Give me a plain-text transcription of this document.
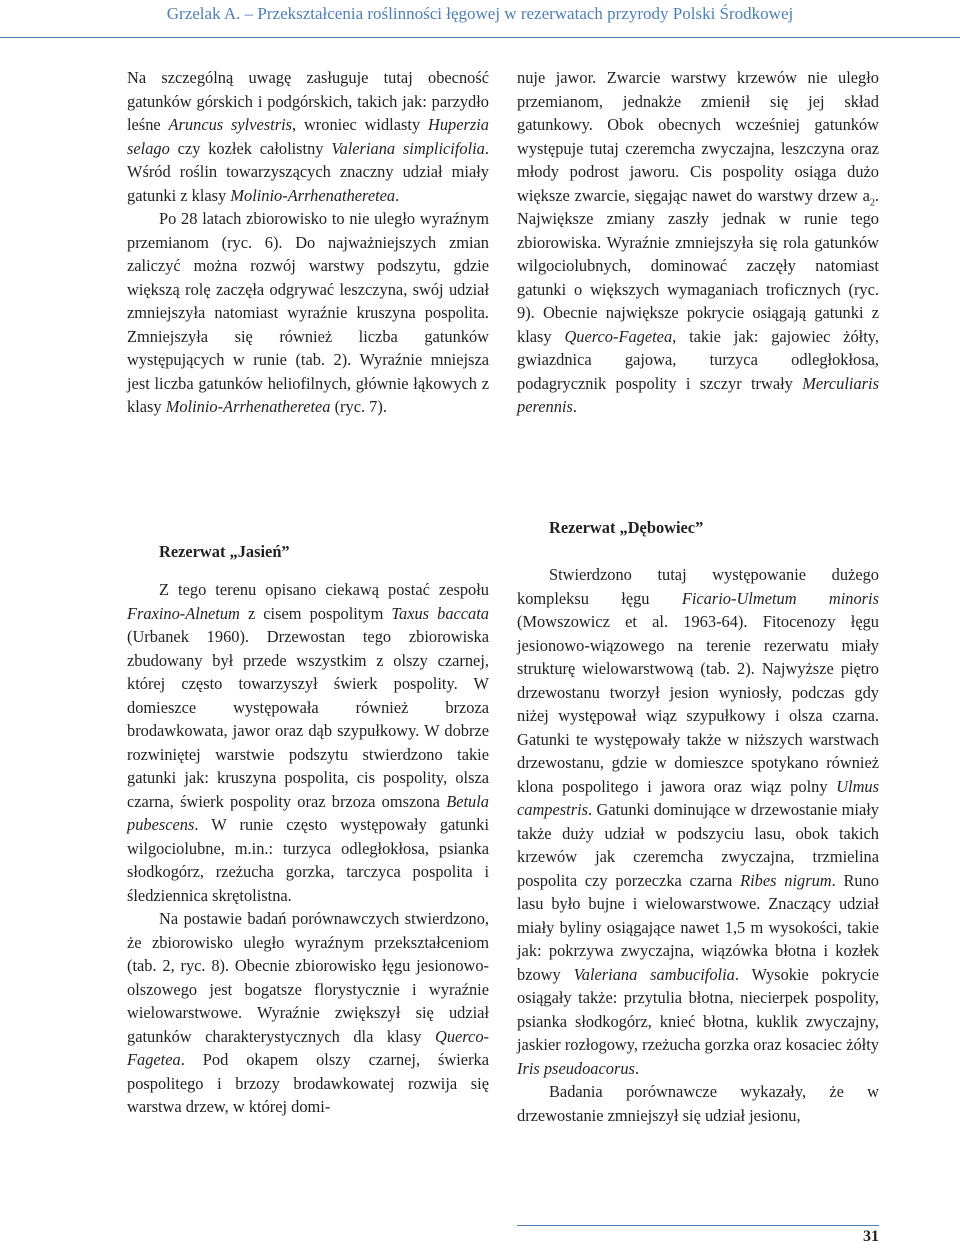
Grzelak A. – Przekształcenia roślinności łęgowej w rezerwatach przyrody Polski Środkowej

Na szczególną uwagę zasługuje tutaj obecność gatunków górskich i podgórskich, takich jak: parzydło leśne Aruncus sylvestris, wroniec widlasty Huperzia selago czy kozłek całolistny Valeriana simplicifolia. Wśród roślin towarzyszących znaczny udział miały gatunki z klasy Molinio-Arrhenatheretea.

Po 28 latach zbiorowisko to nie uległo wyraźnym przemianom (ryc. 6). Do najważniejszych zmian zaliczyć można rozwój warstwy podszytu, gdzie większą rolę zaczęła odgrywać leszczyna, swój udział zmniejszyła natomiast wyraźnie kruszyna pospolita. Zmniejszyła się również liczba gatunków występujących w runie (tab. 2). Wyraźnie mniejsza jest liczba gatunków heliofilnych, głównie łąkowych z klasy Molinio-Arrhenatheretea (ryc. 7).

nuje jawor. Zwarcie warstwy krzewów nie uległo przemianom, jednakże zmienił się jej skład gatunkowy. Obok obecnych wcześniej gatunków występuje tutaj czeremcha zwyczajna, leszczyna oraz młody podrost jaworu. Cis pospolity osiąga dużo większe zwarcie, sięgając nawet do warstwy drzew $a_2$. Największe zmiany zaszły jednak w runie tego zbiorowiska. Wyraźnie zmniejszyła się rola gatunków wilgociolubnych, dominować zaczęły natomiast gatunki o większych wymaganiach troficznych (ryc. 9). Obecnie największe pokrycie osiągają gatunki z klasy Querco-Fagetea, takie jak: gajowiec żółty, gwiazdnica gajowa, turzyca odległokłosa, podagrycznik pospolity i szczyr trwały Merculiaris perennis.

Rezerwat „Jasień”

Z tego terenu opisano ciekawą postać zespołu Fraxino-Alnetum z cisem pospolitym Taxus baccata (Urbanek 1960). Drzewostan tego zbiorowiska zbudowany był przede wszystkim z olszy czarnej, której często towarzyszył świerk pospolity. W domieszce występowała również brzoza brodawkowata, jawor oraz dąb szypułkowy. W dobrze rozwiniętej warstwie podszytu stwierdzono takie gatunki jak: kruszyna pospolita, cis pospolity, olsza czarna, świerk pospolity oraz brzoza omszona Betula pubescens. W runie często występowały gatunki wilgociolubne, m.in.: turzyca odległokłosa, psianka słodkogórz, rzeżucha gorzka, tarczyca pospolita i śledziennica skrętolistna.

Na postawie badań porównawczych stwierdzono, że zbiorowisko uległo wyraźnym przekształceniom (tab. 2, ryc. 8). Obecnie zbiorowisko łęgu jesionowo-olszowego jest bogatsze florystycznie i wyraźnie wielowarstwowe. Wyraźnie zwiększył się udział gatunków charakterystycznych dla klasy Querco-Fagetea. Pod okapem olszy czarnej, świerka pospolitego i brzozy brodawkowatej rozwija się warstwa drzew, w której domi-

Rezerwat „Dębowiec”

Stwierdzono tutaj występowanie dużego kompleksu łęgu Ficario-Ulmetum minoris (Mowszowicz et al. 1963-64). Fitocenozy łęgu jesionowo-wiązowego na terenie rezerwatu miały strukturę wielowarstwową (tab. 2). Najwyższe piętro drzewostanu tworzył jesion wyniosły, podczas gdy niżej występował wiąz szypułkowy i olsza czarna. Gatunki te występowały także w niższych warstwach drzewostanu, gdzie w domieszce spotykano również klona pospolitego i jawora oraz wiąz polny Ulmus campestris. Gatunki dominujące w drzewostanie miały także duży udział w podszyciu lasu, obok takich krzewów jak czeremcha zwyczajna, trzmielina pospolita czy porzeczka czarna Ribes nigrum. Runo lasu było bujne i wielowarstwowe. Znaczący udział miały byliny osiągające nawet 1,5 m wysokości, takie jak: pokrzywa zwyczajna, wiązówka błotna i kozłek bzowy Valeriana sambucifolia. Wysokie pokrycie osiągały także: przytulia błotna, niecierpek pospolity, psianka słodkogórz, knieć błotna, kuklik zwyczajny, jaskier rozłogowy, rzeżucha gorzka oraz kosaciec żółty Iris pseudoacorus.

Badania porównawcze wykazały, że w drzewostanie zmniejszył się udział jesionu,

31
